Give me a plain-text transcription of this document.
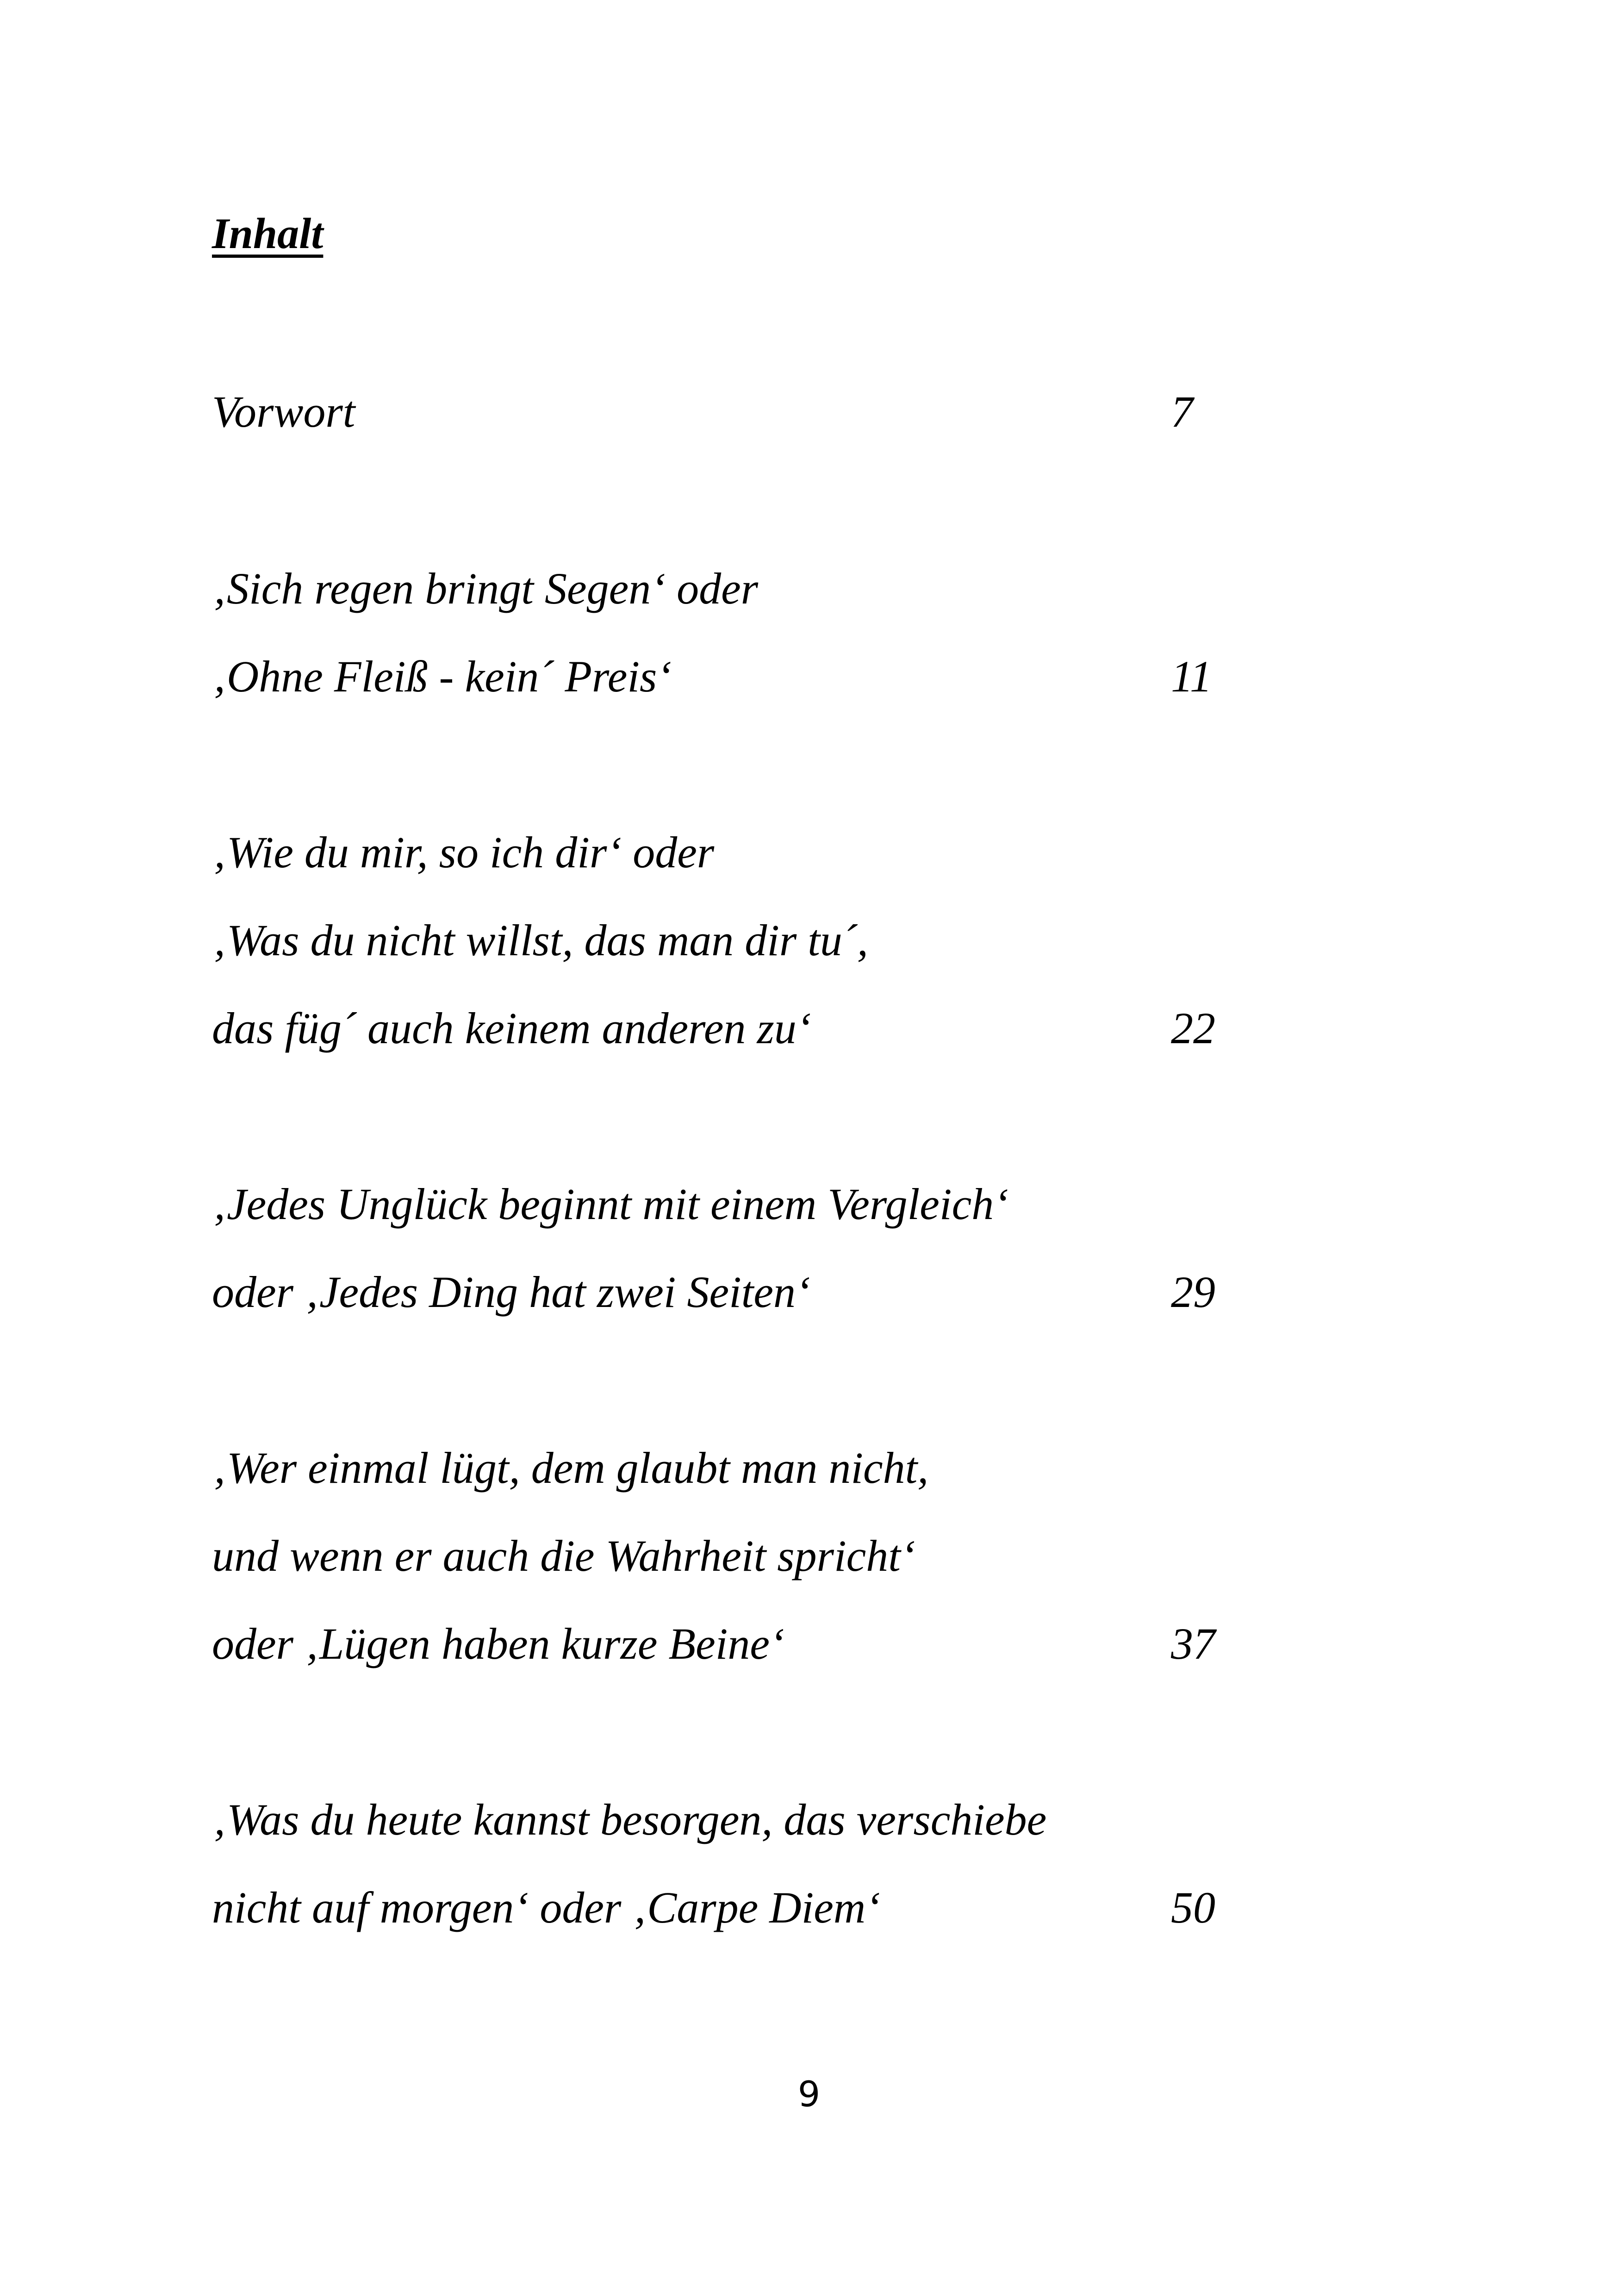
Inhalt

Vorwort	7

‚Sich regen bringt Segen‘ oder

‚Ohne Fleiß - kein´ Preis‘	11

‚Wie du mir, so ich dir‘ oder

‚Was du nicht willst, das man dir tu´,

das füg´ auch keinem anderen zu‘	22

‚Jedes Unglück beginnt mit einem Vergleich‘

oder ‚Jedes Ding hat zwei Seiten‘	29

‚Wer einmal lügt, dem glaubt man nicht,

und wenn er auch die Wahrheit spricht‘

oder ‚Lügen haben kurze Beine‘	37

‚Was du heute kannst besorgen, das verschiebe

nicht auf morgen‘ oder ‚Carpe Diem‘	50

9
